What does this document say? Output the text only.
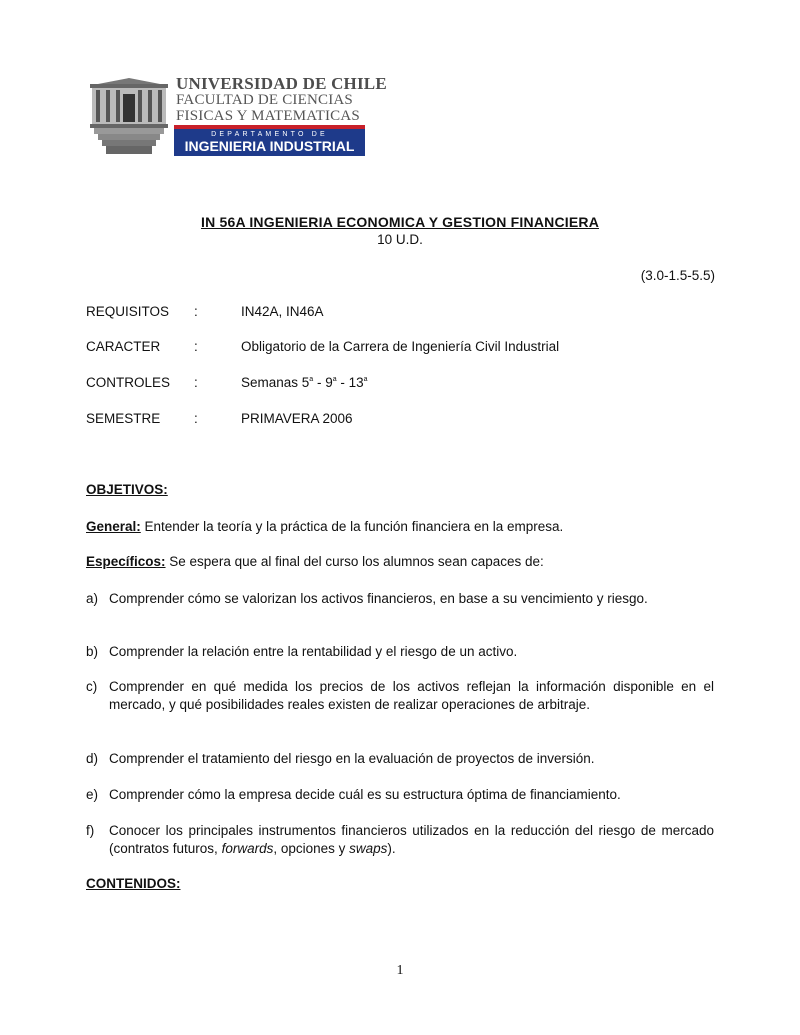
UNIVERSIDAD DE CHILE
FACULTAD DE CIENCIAS
FISICAS Y MATEMATICAS
DEPARTAMENTO DE
INGENIERIA INDUSTRIAL
IN 56A INGENIERIA ECONOMICA Y GESTION FINANCIERA
10 U.D.
(3.0-1.5-5.5)
REQUISITOS	:	IN42A, IN46A
CARACTER	:	Obligatorio de la Carrera de Ingeniería Civil Industrial
CONTROLES	:	Semanas 5$^a$ - 9$^a$ - 13$^a$
SEMESTRE	:	PRIMAVERA 2006
OBJETIVOS:
General: Entender la teoría y la práctica de la función financiera en la empresa.
Específicos: Se espera que al final del curso los alumnos sean capaces de:
a) Comprender cómo se valorizan los activos financieros, en base a su vencimiento y riesgo.
b) Comprender la relación entre la rentabilidad y el riesgo de un activo.
c) Comprender en qué medida los precios de los activos reflejan la información disponible en el mercado, y qué posibilidades reales existen de realizar operaciones de arbitraje.
d) Comprender el tratamiento del riesgo en la evaluación de proyectos de inversión.
e) Comprender cómo la empresa decide cuál es su estructura óptima de financiamiento.
f)	Conocer los principales instrumentos financieros utilizados en la reducción del riesgo de mercado (contratos futuros, forwards, opciones y swaps).
CONTENIDOS:
1
